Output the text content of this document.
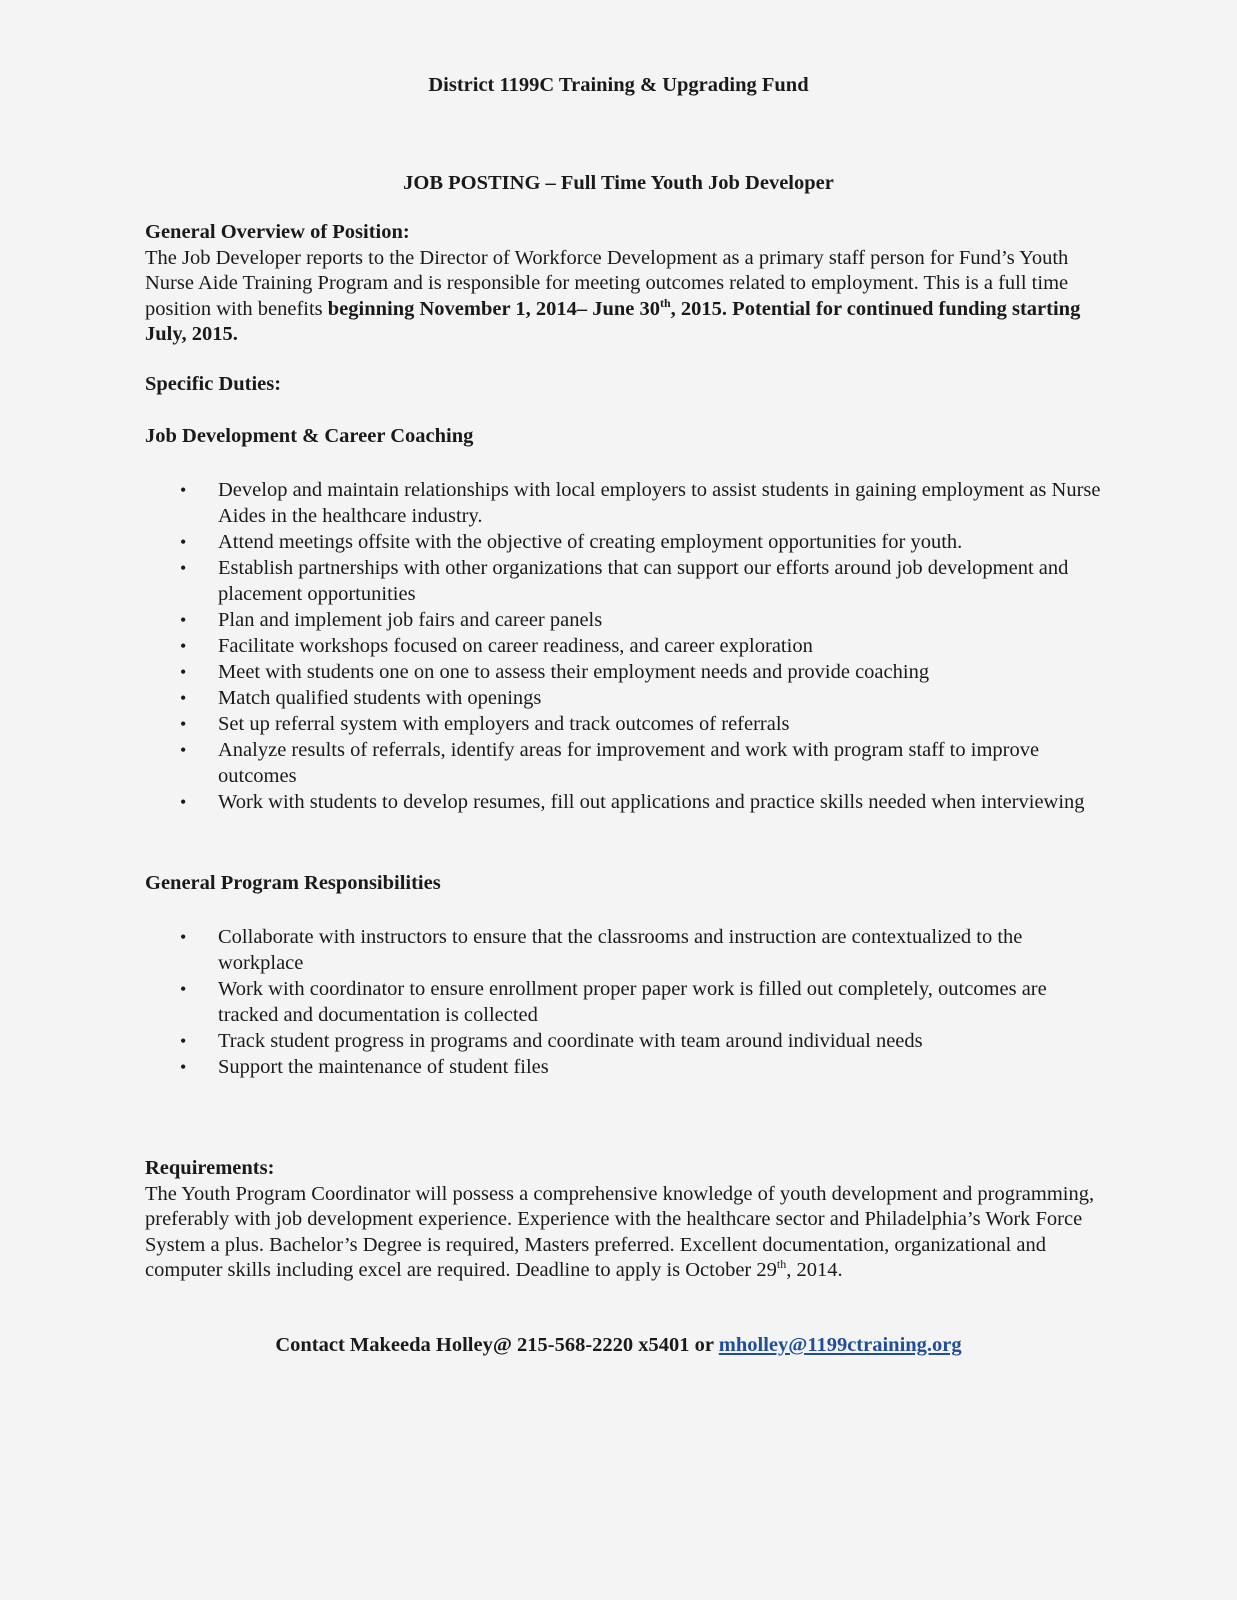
District 1199C Training & Upgrading Fund
JOB POSTING – Full Time Youth Job Developer

General Overview of Position:

The Job Developer reports to the Director of Workforce Development as a primary staff person for Fund’s Youth Nurse Aide Training Program and is responsible for meeting outcomes related to employment. This is a full time position with benefits beginning November 1, 2014– June 30th, 2015. Potential for continued funding starting July, 2015.

Specific Duties:
Job Development & Career Coaching
• Develop and maintain relationships with local employers to assist students in gaining employment as Nurse Aides in the healthcare industry.
• Attend meetings offsite with the objective of creating employment opportunities for youth.
• Establish partnerships with other organizations that can support our efforts around job development and placement opportunities
• Plan and implement job fairs and career panels
• Facilitate workshops focused on career readiness, and career exploration
• Meet with students one on one to assess their employment needs and provide coaching
• Match qualified students with openings
• Set up referral system with employers and track outcomes of referrals
• Analyze results of referrals, identify areas for improvement and work with program staff to improve outcomes
• Work with students to develop resumes, fill out applications and practice skills needed when interviewing
General Program Responsibilities
• Collaborate with instructors to ensure that the classrooms and instruction are contextualized to the workplace
• Work with coordinator to ensure enrollment proper paper work is filled out completely, outcomes are tracked and documentation is collected
• Track student progress in programs and coordinate with team around individual needs
• Support the maintenance of student files

Requirements:

The Youth Program Coordinator will possess a comprehensive knowledge of youth development and programming, preferably with job development experience. Experience with the healthcare sector and Philadelphia’s Work Force System a plus. Bachelor’s Degree is required, Masters preferred. Excellent documentation, organizational and computer skills including excel are required. Deadline to apply is October 29th, 2014.

Contact Makeeda Holley@ 215-568-2220 x5401 or mholley@1199ctraining.org
